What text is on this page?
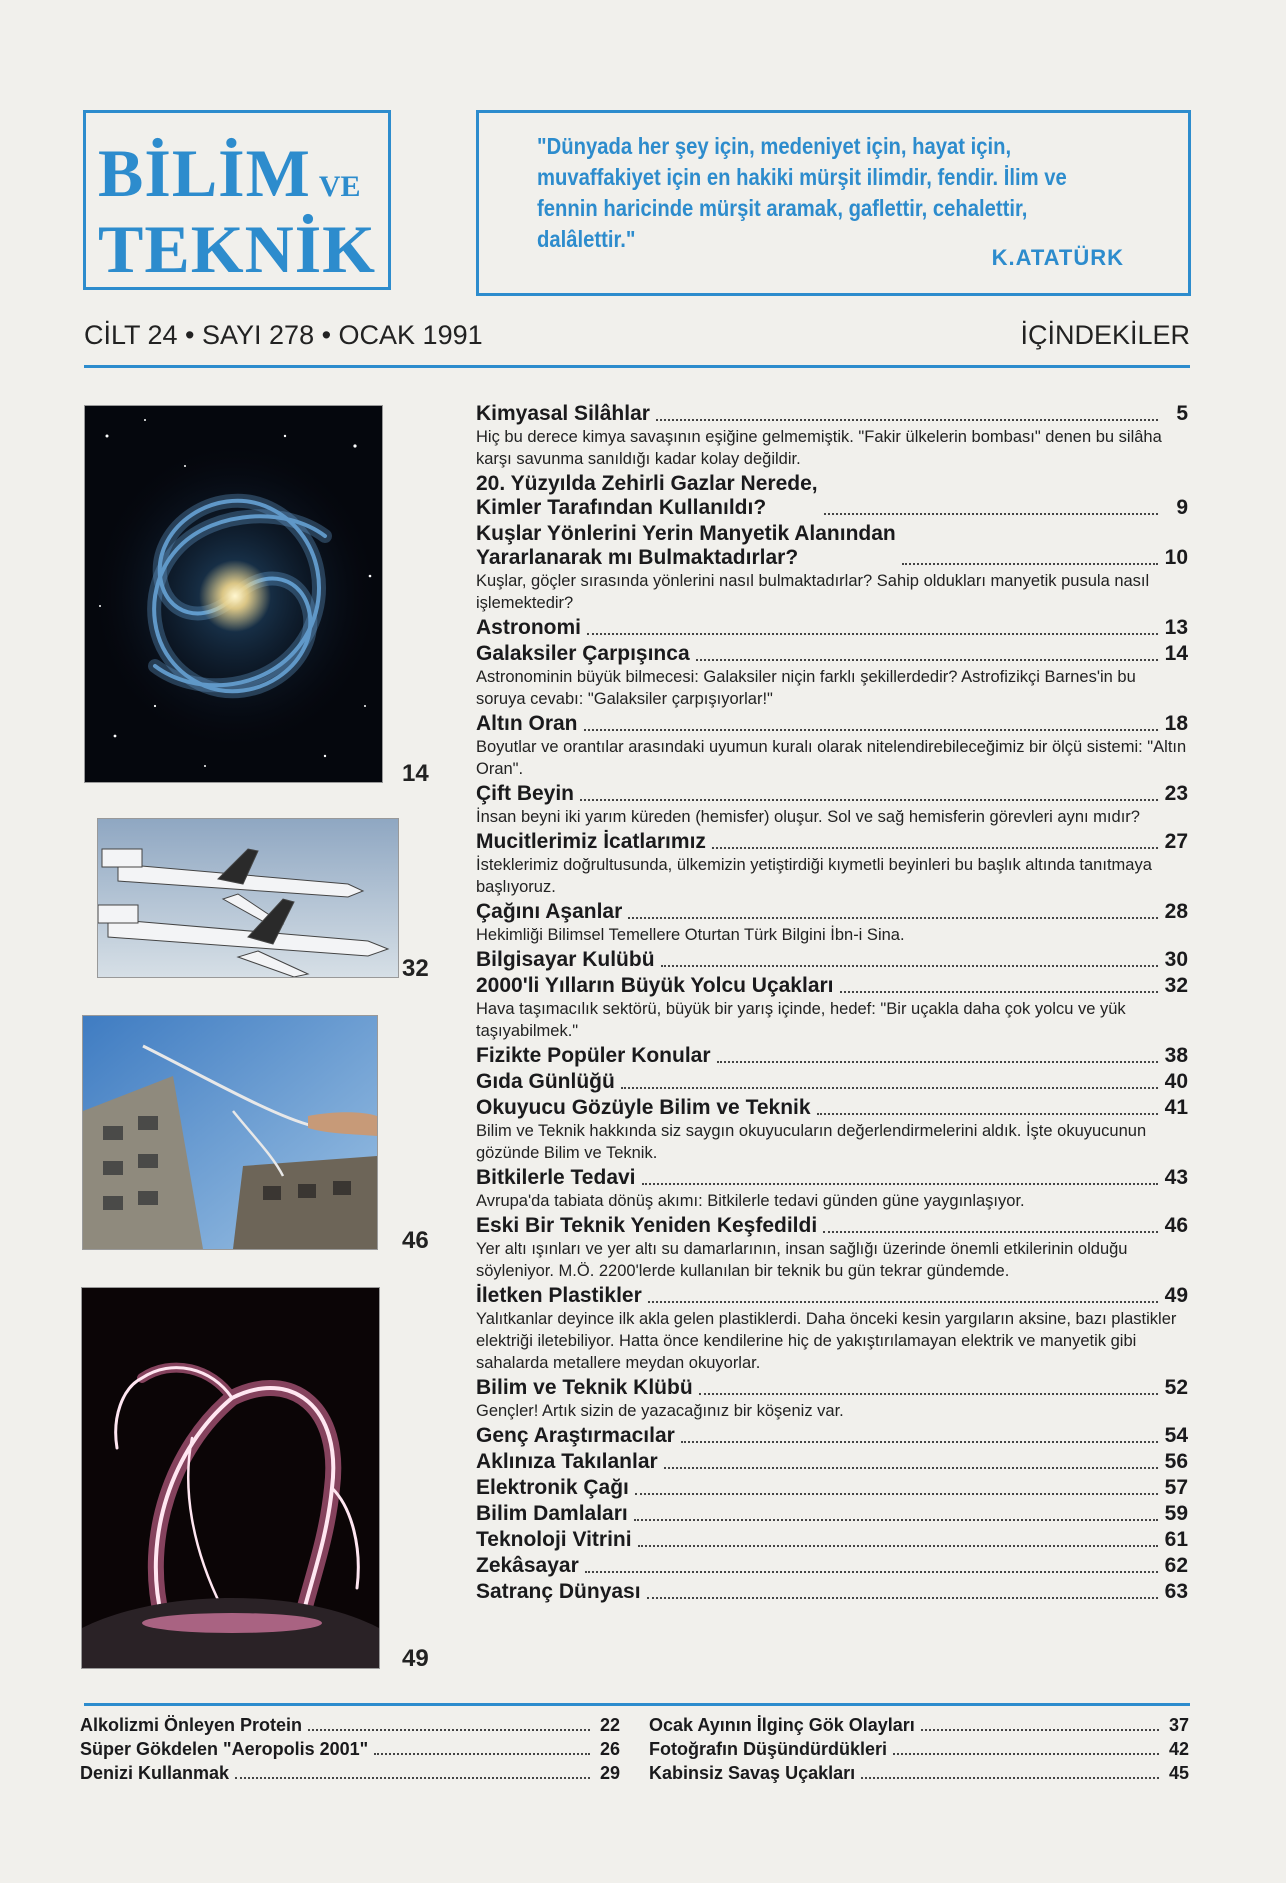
BİLİM VE
TEKNİK
"Dünyada her şey için, medeniyet için, hayat için, muvaffakiyet için en hakiki mürşit ilimdir, fendir. İlim ve fennin haricinde mürşit aramak, gaflettir, cehalettir, dalâlettir."
K.ATATÜRK
CİLT 24 • SAYI 278 • OCAK 1991	İÇİNDEKİLER
14
32
46
49
Kimyasal Silâhlar	5
Hiç bu derece kimya savaşının eşiğine gelmemiştik. "Fakir ülkelerin bombası" denen bu silâha karşı savunma sanıldığı kadar kolay değildir.
20. Yüzyılda Zehirli Gazlar Nerede,
Kimler Tarafından Kullanıldı?	9
Kuşlar Yönlerini Yerin Manyetik Alanından
Yararlanarak mı Bulmaktadırlar?	10
Kuşlar, göçler sırasında yönlerini nasıl bulmaktadırlar? Sahip oldukları manyetik pusula nasıl işlemektedir?
Astronomi	13
Galaksiler Çarpışınca	14
Astronominin büyük bilmecesi: Galaksiler niçin farklı şekillerdedir? Astrofizikçi Barnes'in bu soruya cevabı: "Galaksiler çarpışıyorlar!"
Altın Oran	18
Boyutlar ve orantılar arasındaki uyumun kuralı olarak nitelendirebileceğimiz bir ölçü sistemi: "Altın Oran".
Çift Beyin	23
İnsan beyni iki yarım küreden (hemisfer) oluşur. Sol ve sağ hemisferin görevleri aynı mıdır?
Mucitlerimiz İcatlarımız	27
İsteklerimiz doğrultusunda, ülkemizin yetiştirdiği kıymetli beyinleri bu başlık altında tanıtmaya başlıyoruz.
Çağını Aşanlar	28
Hekimliği Bilimsel Temellere Oturtan Türk Bilgini İbn-i Sina.
Bilgisayar Kulübü	30
2000'li Yılların Büyük Yolcu Uçakları	32
Hava taşımacılık sektörü, büyük bir yarış içinde, hedef: "Bir uçakla daha çok yolcu ve yük taşıyabilmek."
Fizikte Popüler Konular	38
Gıda Günlüğü	40
Okuyucu Gözüyle Bilim ve Teknik	41
Bilim ve Teknik hakkında siz saygın okuyucuların değerlendirmelerini aldık. İşte okuyucunun gözünde Bilim ve Teknik.
Bitkilerle Tedavi	43
Avrupa'da tabiata dönüş akımı: Bitkilerle tedavi günden güne yaygınlaşıyor.
Eski Bir Teknik Yeniden Keşfedildi	46
Yer altı ışınları ve yer altı su damarlarının, insan sağlığı üzerinde önemli etkilerinin olduğu söyleniyor. M.Ö. 2200'lerde kullanılan bir teknik bu gün tekrar gündemde.
İletken Plastikler	49
Yalıtkanlar deyince ilk akla gelen plastiklerdi. Daha önceki kesin yargıların aksine, bazı plastikler elektriği iletebiliyor. Hatta önce kendilerine hiç de yakıştırılamayan elektrik ve manyetik gibi sahalarda metallere meydan okuyorlar.
Bilim ve Teknik Klübü	52
Gençler! Artık sizin de yazacağınız bir köşeniz var.
Genç Araştırmacılar	54
Aklınıza Takılanlar	56
Elektronik Çağı	57
Bilim Damlaları	59
Teknoloji Vitrini	61
Zekâsayar	62
Satranç Dünyası	63
Alkolizmi Önleyen Protein	22
Süper Gökdelen "Aeropolis 2001"	26
Denizi Kullanmak	29
Ocak Ayının İlginç Gök Olayları	37
Fotoğrafın Düşündürdükleri	42
Kabinsiz Savaş Uçakları	45
